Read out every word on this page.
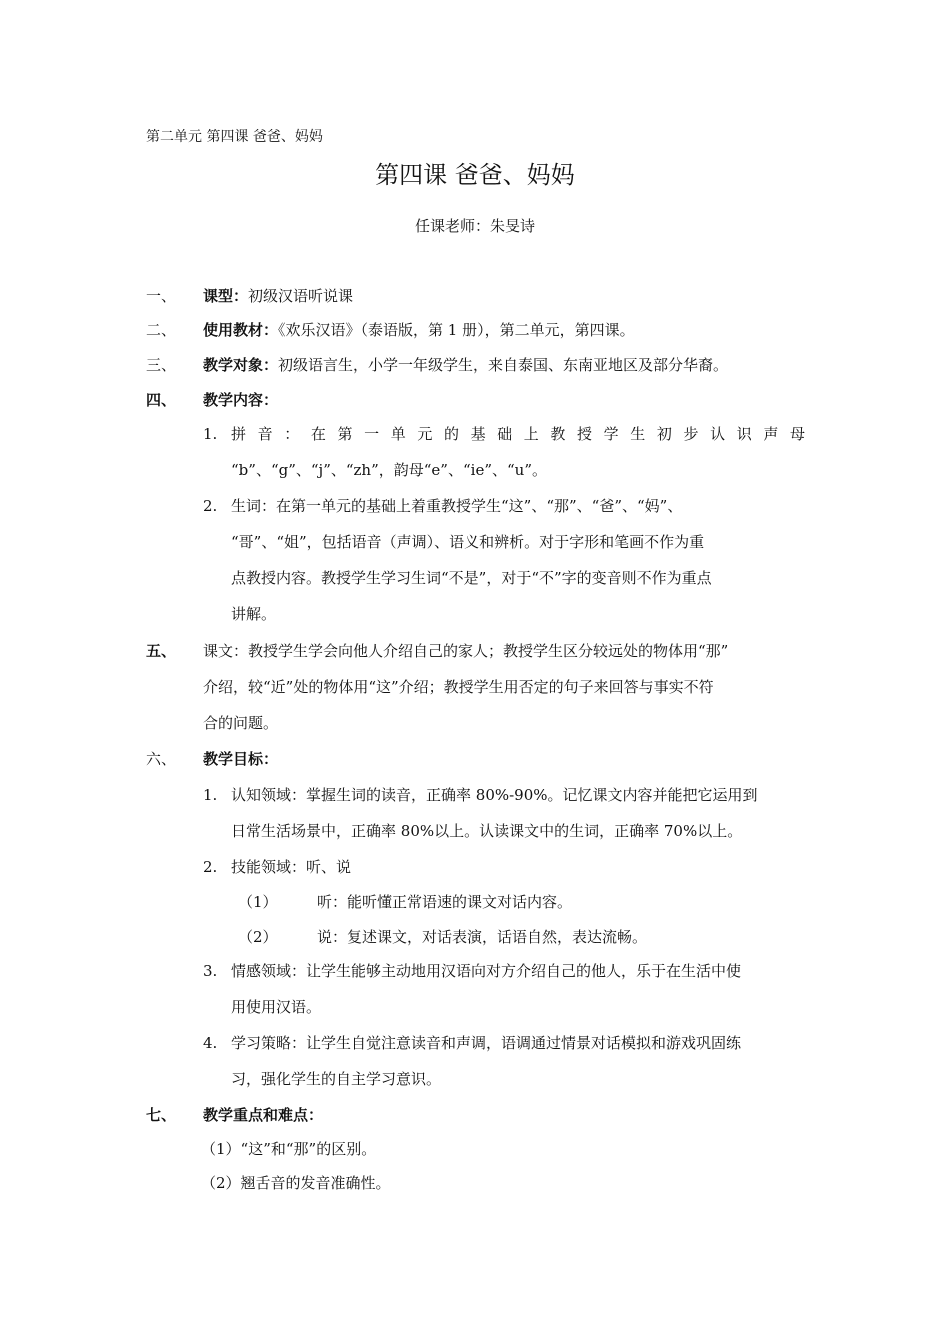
第二单元 第四课 爸爸、妈妈
第四课 爸爸、妈妈
任课老师：朱旻诗
一、 课型：初级汉语听说课
二、 使用教材：《欢乐汉语》（泰语版，第 1 册），第二单元，第四课。
三、 教学对象：初级语言生，小学一年级学生，来自泰国、东南亚地区及部分华裔。
四、 教学内容：
1. 拼 音 ： 在 第 一 单 元 的 基 础 上 教 授 学 生 初 步 认 识 声 母
“b”、“g”、“j”、“zh”，韵母“e”、“ie”、“u”。
2. 生词：在第一单元的基础上着重教授学生“这”、“那”、“爸”、“妈”、
“哥”、“姐”，包括语音（声调）、语义和辨析。对于字形和笔画不作为重
点教授内容。教授学生学习生词“不是”，对于“不”字的变音则不作为重点
讲解。
五、 课文：教授学生学会向他人介绍自己的家人；教授学生区分较远处的物体用“那”
介绍，较“近”处的物体用“这”介绍；教授学生用否定的句子来回答与事实不符
合的问题。
六、 教学目标：
1. 认知领域：掌握生词的读音，正确率 80%-90%。记忆课文内容并能把它运用到
日常生活场景中，正确率 80%以上。认读课文中的生词，正确率 70%以上。
2. 技能领域：听、说
（1）	听：能听懂正常语速的课文对话内容。
（2）	说：复述课文，对话表演，话语自然，表达流畅。
3. 情感领域：让学生能够主动地用汉语向对方介绍自己的他人，乐于在生活中使
用使用汉语。
4. 学习策略：让学生自觉注意读音和声调，语调通过情景对话模拟和游戏巩固练
习，强化学生的自主学习意识。
七、 教学重点和难点：
（1）“这”和“那”的区别。
（2）翘舌音的发音准确性。
